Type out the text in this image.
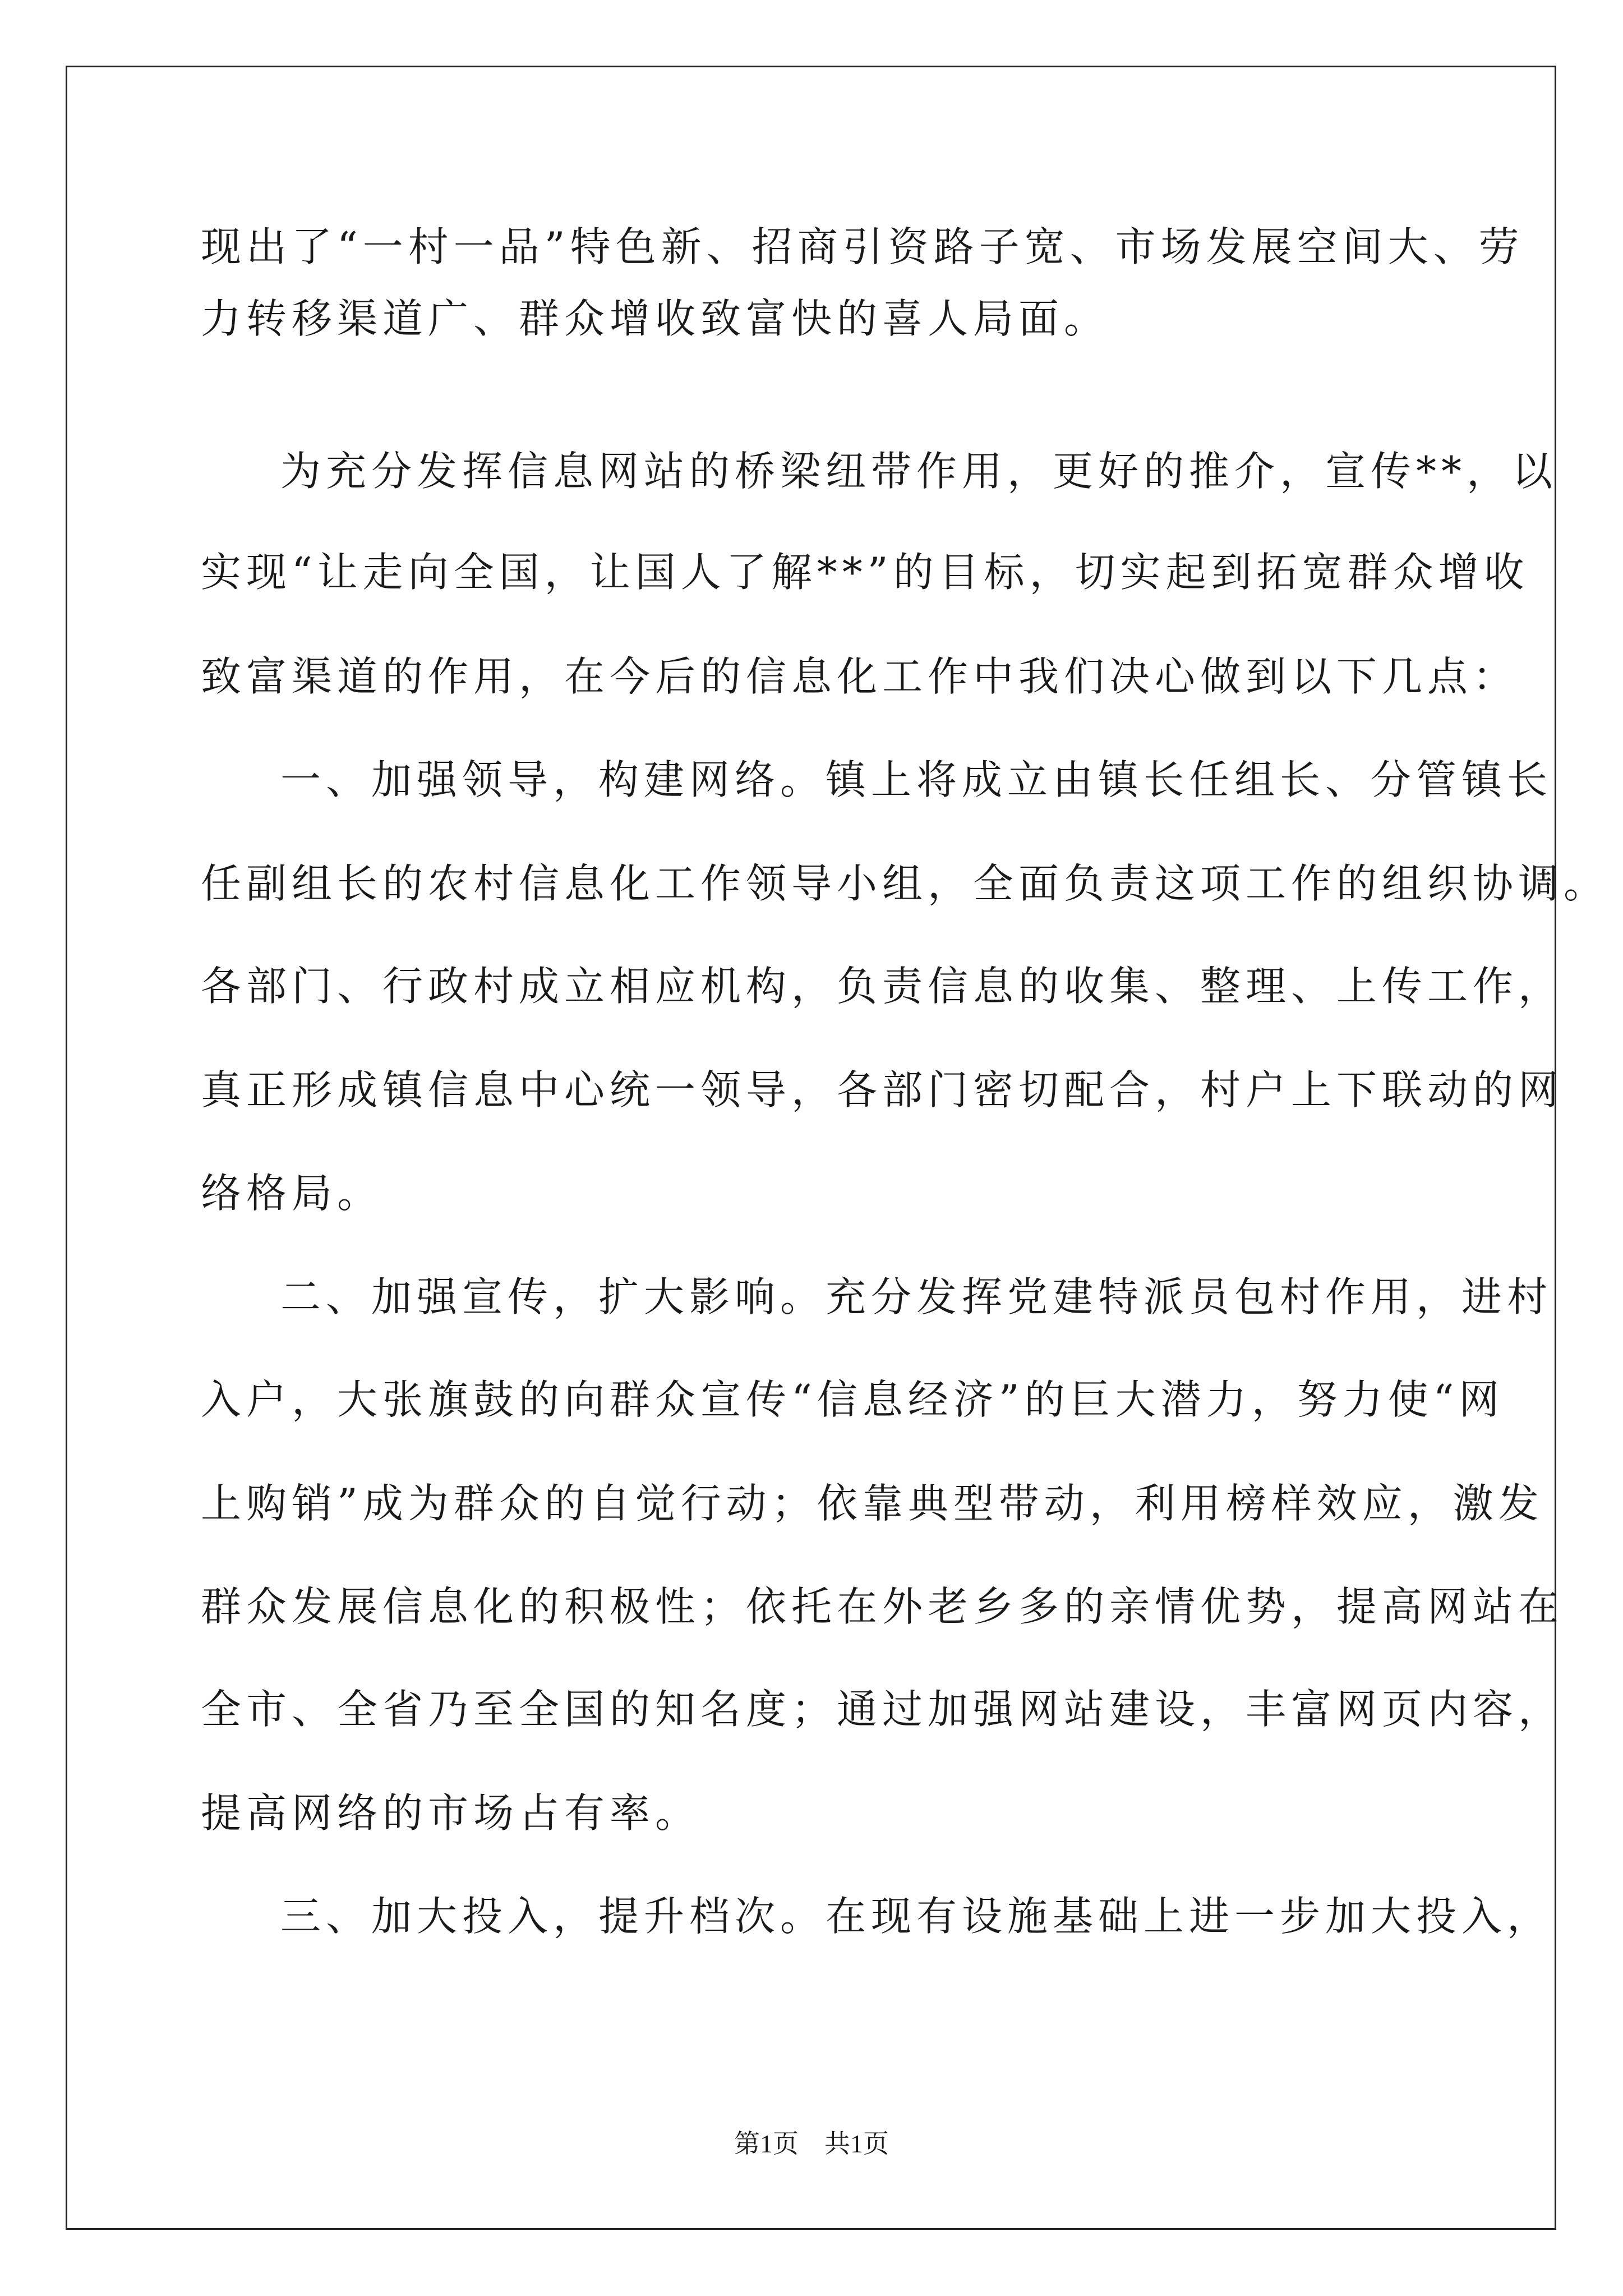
现出了“一村一品”特色新、招商引资路子宽、市场发展空间大、劳
力转移渠道广、群众增收致富快的喜人局面。
为充分发挥信息网站的桥梁纽带作用，更好的推介，宣传**，以
实现“让走向全国，让国人了解**”的目标，切实起到拓宽群众增收
致富渠道的作用，在今后的信息化工作中我们决心做到以下几点：
一、加强领导，构建网络。镇上将成立由镇长任组长、分管镇长
任副组长的农村信息化工作领导小组，全面负责这项工作的组织协调。
各部门、行政村成立相应机构，负责信息的收集、整理、上传工作，
真正形成镇信息中心统一领导，各部门密切配合，村户上下联动的网
络格局。
二、加强宣传，扩大影响。充分发挥党建特派员包村作用，进村
入户，大张旗鼓的向群众宣传“信息经济”的巨大潜力，努力使“网
上购销”成为群众的自觉行动；依靠典型带动，利用榜样效应，激发
群众发展信息化的积极性；依托在外老乡多的亲情优势，提高网站在
全市、全省乃至全国的知名度；通过加强网站建设，丰富网页内容，
提高网络的市场占有率。
三、加大投入，提升档次。在现有设施基础上进一步加大投入，
第1页　共1页
